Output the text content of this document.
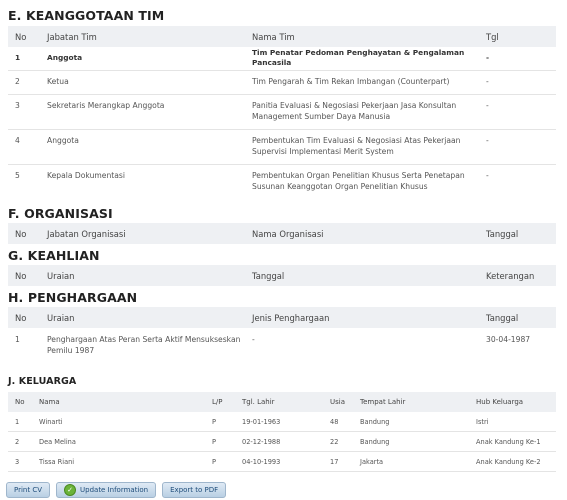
E. KEANGGOTAAN TIM
No	Jabatan Tim	Nama Tim	Tgl
1	Anggota	Tim Penatar Pedoman Penghayatan & Pengalaman Pancasila	-
2	Ketua	Tim Pengarah & Tim Rekan Imbangan (Counterpart)	-
3	Sekretaris Merangkap Anggota	Panitia Evaluasi & Negosiasi Pekerjaan Jasa Konsultan Management Sumber Daya Manusia	-
4	Anggota	Pembentukan Tim Evaluasi & Negosiasi Atas Pekerjaan Supervisi Implementasi Merit System	-
5	Kepala Dokumentasi	Pembentukan Organ Penelitian Khusus Serta Penetapan Susunan Keanggotan Organ Penelitian Khusus	-
F. ORGANISASI
No	Jabatan Organisasi	Nama Organisasi	Tanggal
G. KEAHLIAN
No	Uraian	Tanggal	Keterangan
H. PENGHARGAAN
No	Uraian	Jenis Penghargaan	Tanggal
1	Penghargaan Atas Peran Serta Aktif Mensukseskan Pemilu 1987	-	30-04-1987
J. KELUARGA
No	Nama	L/P	Tgl. Lahir	Usia	Tempat Lahir	Hub Keluarga
1	Winarti	P	19-01-1963	48	Bandung	Istri
2	Dea Melina	P	02-12-1988	22	Bandung	Anak Kandung Ke-1
3	Tissa Riani	P	04-10-1993	17	Jakarta	Anak Kandung Ke-2
Print CV	✓	Update Information	Export to PDF
